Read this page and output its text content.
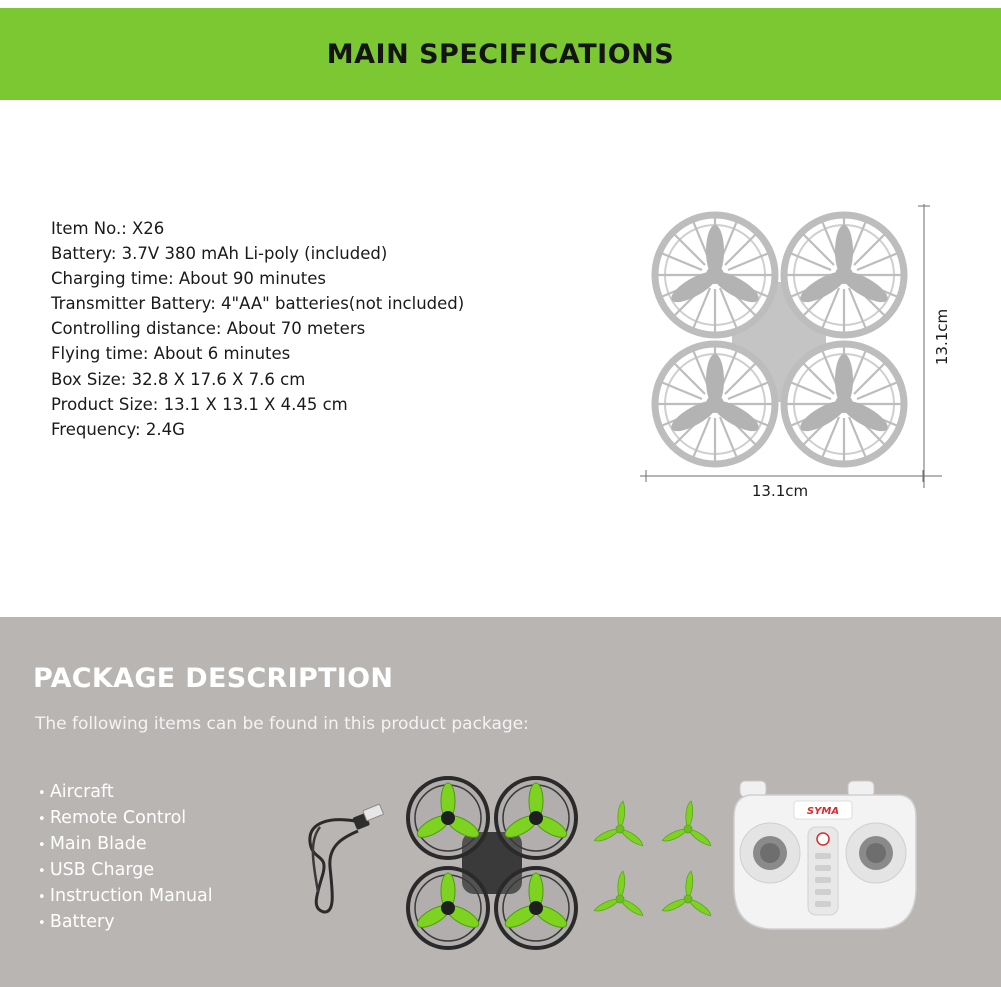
MAIN SPECIFICATIONS
Item No.: X26
Battery: 3.7V 380 mAh Li-poly (included)
Charging time: About 90 minutes
Transmitter Battery: 4"AA" batteries(not included)
Controlling distance: About 70 meters
Flying time: About 6 minutes
Box Size: 32.8 X 17.6 X 7.6 cm
Product Size: 13.1 X 13.1 X 4.45 cm
Frequency: 2.4G
13.1cm
13.1cm
PACKAGE DESCRIPTION

The following items can be found in this product package:

• Aircraft
• Remote Control
• Main Blade
• USB Charge
• Instruction Manual
• Battery
SYMA
